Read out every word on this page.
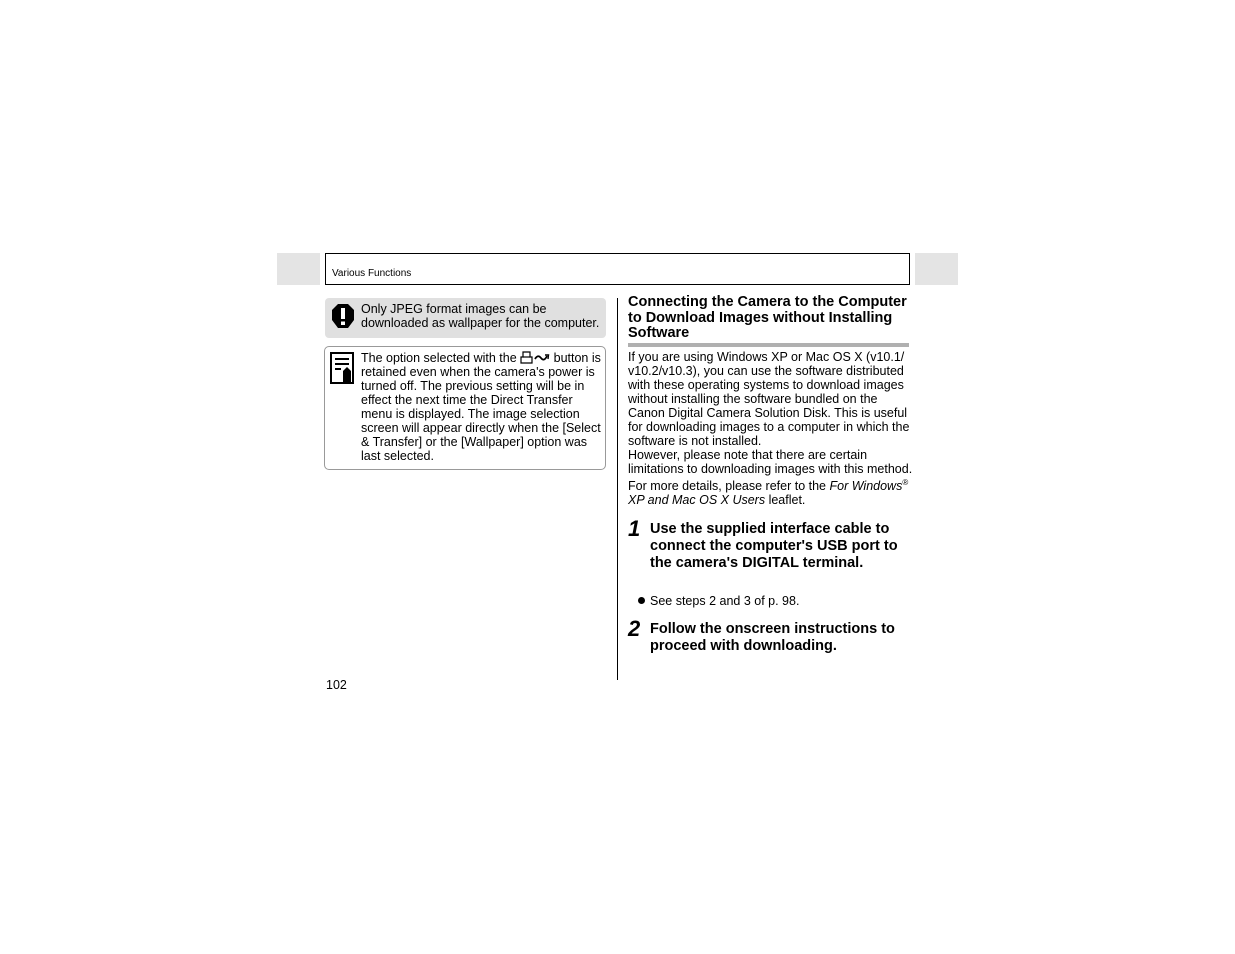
Various Functions
Only JPEG format images can be downloaded as wallpaper for the computer.
The option selected with the	button is retained even when the camera's power is turned off. The previous setting will be in effect the next time the Direct Transfer menu is displayed. The image selection screen will appear directly when the [Select & Transfer] or the [Wallpaper] option was last selected.
Connecting the Camera to the Computer to Download Images without Installing Software

If you are using Windows XP or Mac OS X (v10.1/ v10.2/v10.3), you can use the software distributed with these operating systems to download images without installing the software bundled on the Canon Digital Camera Solution Disk. This is useful for downloading images to a computer in which the software is not installed.

However, please note that there are certain limitations to downloading images with this method. For more details, please refer to the For Windows® XP and Mac OS X Users leaflet.

1 Use the supplied interface cable to connect the computer's USB port to the camera's DIGITAL terminal.
See steps 2 and 3 of p. 98.
2 Follow the onscreen instructions to proceed with downloading.
102
